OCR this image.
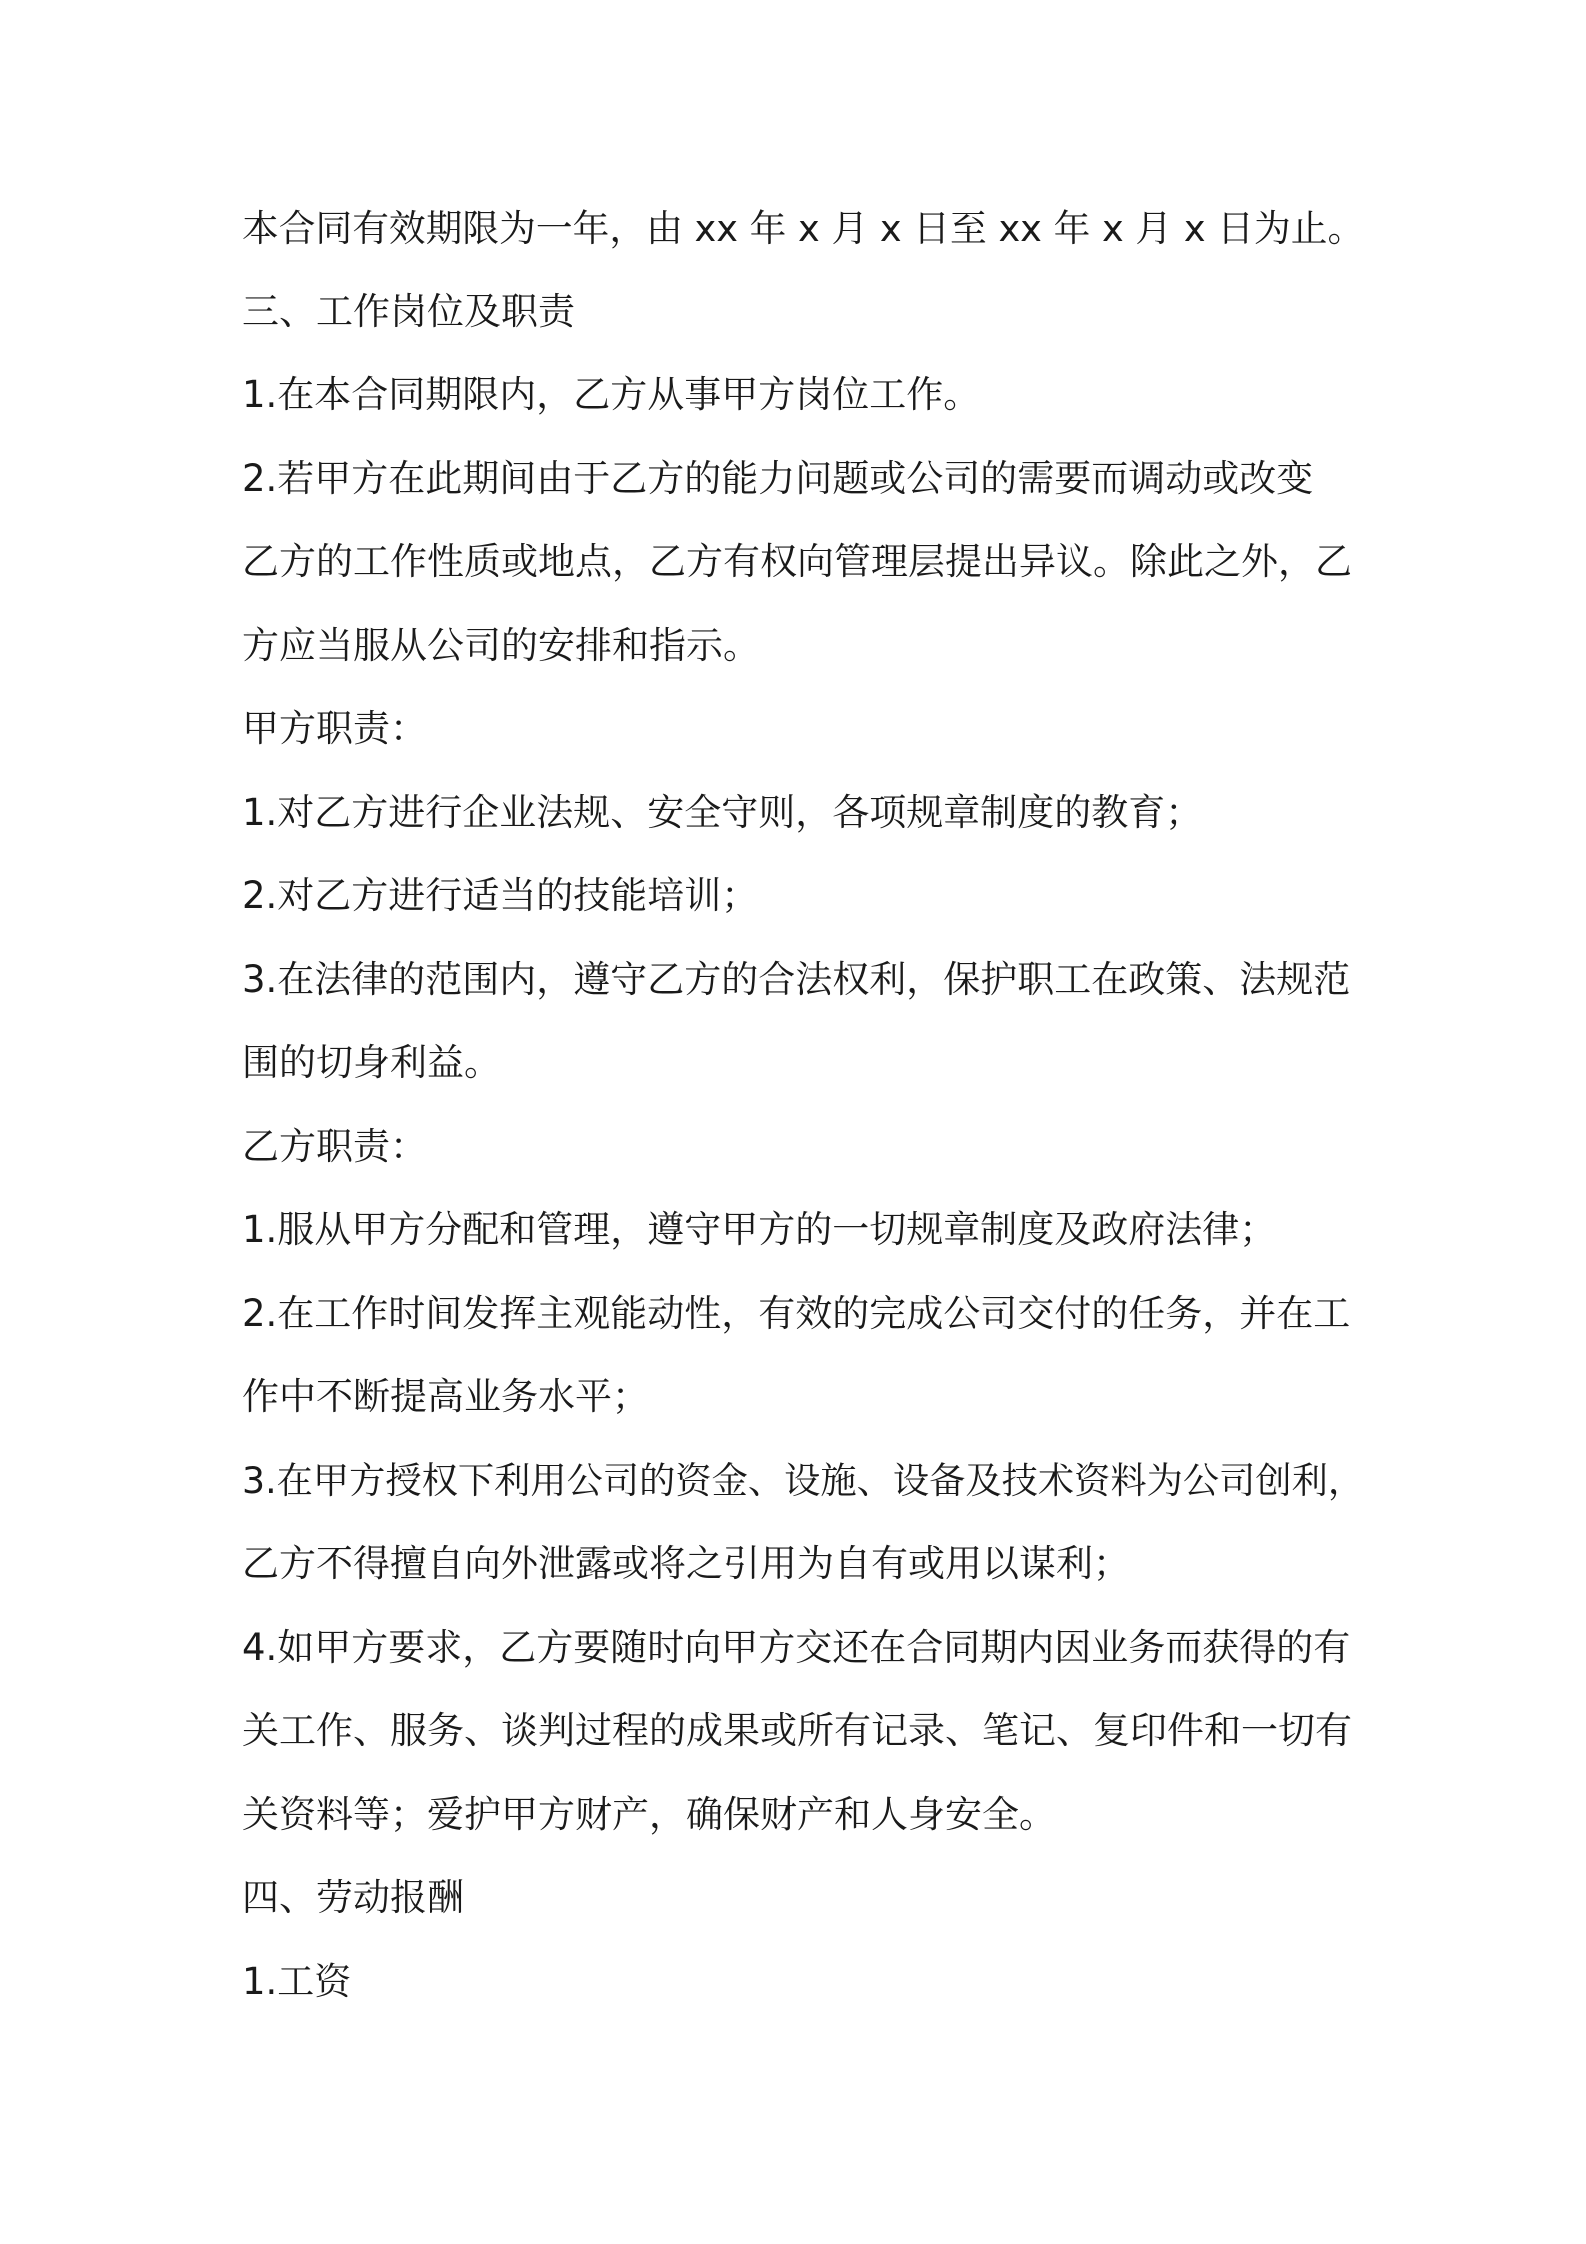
本合同有效期限为一年，由 xx 年 x 月 x 日至 xx 年 x 月 x 日为止。

三、工作岗位及职责

1.在本合同期限内，乙方从事甲方岗位工作。

2.若甲方在此期间由于乙方的能力问题或公司的需要而调动或改变

乙方的工作性质或地点，乙方有权向管理层提出异议。除此之外，乙

方应当服从公司的安排和指示。

甲方职责：

1.对乙方进行企业法规、安全守则，各项规章制度的教育；

2.对乙方进行适当的技能培训；

3.在法律的范围内，遵守乙方的合法权利，保护职工在政策、法规范

围的切身利益。

乙方职责：

1.服从甲方分配和管理，遵守甲方的一切规章制度及政府法律；

2.在工作时间发挥主观能动性，有效的完成公司交付的任务，并在工

作中不断提高业务水平；

3.在甲方授权下利用公司的资金、设施、设备及技术资料为公司创利，

乙方不得擅自向外泄露或将之引用为自有或用以谋利；

4.如甲方要求，乙方要随时向甲方交还在合同期内因业务而获得的有

关工作、服务、谈判过程的成果或所有记录、笔记、复印件和一切有

关资料等；爱护甲方财产，确保财产和人身安全。

四、劳动报酬

1.工资
